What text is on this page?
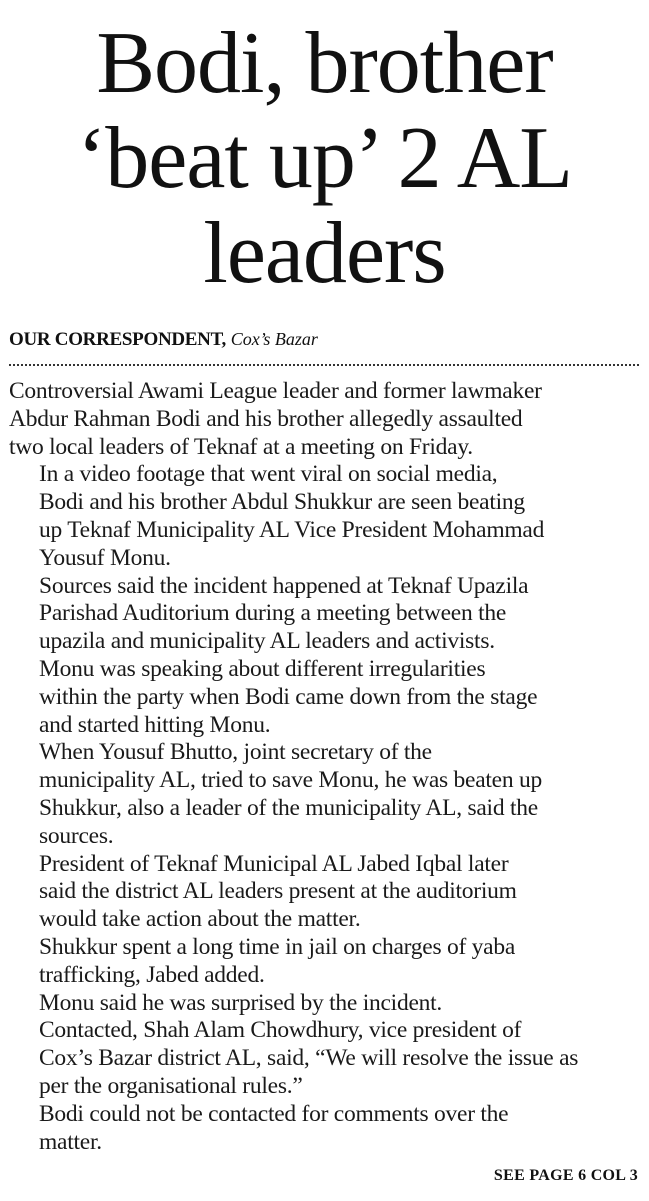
Bodi, brother
‘beat up’ 2 AL
leaders
OUR CORRESPONDENT, Cox’s Bazar

Controversial Awami League leader and former lawmaker
Abdur Rahman Bodi and his brother allegedly assaulted
two local leaders of Teknaf at a meeting on Friday.

In a video footage that went viral on social media,
Bodi and his brother Abdul Shukkur are seen beating
up Teknaf Municipality AL Vice President Mohammad
Yousuf Monu.

Sources said the incident happened at Teknaf Upazila
Parishad Auditorium during a meeting between the
upazila and municipality AL leaders and activists.

Monu was speaking about different irregularities
within the party when Bodi came down from the stage
and started hitting Monu.

When Yousuf Bhutto, joint secretary of the
municipality AL, tried to save Monu, he was beaten up
Shukkur, also a leader of the municipality AL, said the
sources.

President of Teknaf Municipal AL Jabed Iqbal later
said the district AL leaders present at the auditorium
would take action about the matter.

Shukkur spent a long time in jail on charges of yaba
trafficking, Jabed added.

Monu said he was surprised by the incident.

Contacted, Shah Alam Chowdhury, vice president of
Cox’s Bazar district AL, said, “We will resolve the issue as
per the organisational rules.”

Bodi could not be contacted for comments over the
matter.

SEE PAGE 6 COL 3
